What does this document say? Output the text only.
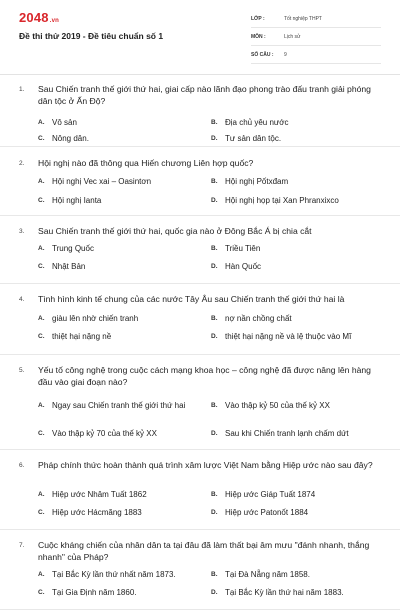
2048.vn
Đề thi thử 2019 - Đề tiêu chuẩn số 1
LỚP :	Tốt nghiệp THPT
MÔN :	Lịch sử
SỐ CÂU :	9
1. Sau Chiến tranh thế giới thứ hai, giai cấp nào lãnh đạo phong trào đấu tranh giải phóng dân tộc ở Ấn Độ?
A. Vô sản	B. Địa chủ yêu nước
C. Nông dân.	D. Tư sản dân tộc.
2. Hội nghị nào đã thông qua Hiến chương Liên hợp quốc?
A. Hội nghị Vec xai – Oasintơn	B. Hội nghị Pốtxđam
C. Hội nghị Ianta	D. Hội nghị họp tại Xan Phranxixco
3. Sau Chiến tranh thế giới thứ hai, quốc gia nào ở Đông Bắc Á bị chia cắt
A. Trung Quốc	B. Triều Tiên
C. Nhật Bản	D. Hàn Quốc
4. Tình hình kinh tế chung của các nước Tây Âu sau Chiến tranh thế giới thứ hai là
A. giàu lên nhờ chiến tranh	B. nợ nần chồng chất
C. thiệt hại nặng nề	D. thiệt hại nặng nề và lệ thuộc vào Mĩ
5. Yếu tố công nghệ trong cuộc cách mạng khoa học – công nghệ đã được nâng lên hàng đầu vào giai đoạn nào?
A. Ngay sau Chiến tranh thế giới thứ hai	B. Vào thập kỷ 50 của thế kỷ XX
C. Vào thập kỷ 70 của thế kỷ XX	D. Sau khi Chiến tranh lạnh chấm dứt
6. Pháp chính thức hoàn thành quá trình xâm lược Việt Nam bằng Hiệp ước nào sau đây?
A. Hiệp ước Nhâm Tuất 1862	B. Hiệp ước Giáp Tuất 1874
C. Hiệp ước Hácmăng 1883	D. Hiệp ước Patonốt 1884
7. Cuộc kháng chiến của nhân dân ta tại đâu đã làm thất bại âm mưu "đánh nhanh, thắng nhanh" của Pháp?
A. Tại Bắc Kỳ lần thứ nhất năm 1873.	B. Tại Đà Nẵng năm 1858.
C. Tại Gia Định năm 1860.	D. Tại Bắc Kỳ lần thứ hai năm 1883.
